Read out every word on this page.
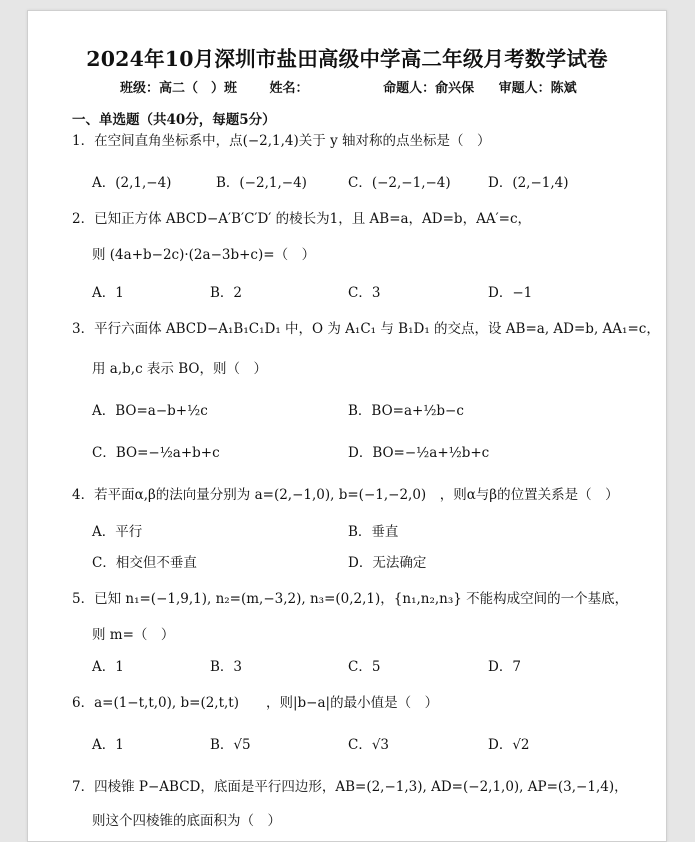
2024年10月深圳市盐田高级中学高二年级月考数学试卷
班级：高二（　）班	姓名：	命题人：俞兴保 审题人：陈斌
一、单选题（共40分，每题5分）
1．在空间直角坐标系中，点(−2,1,4)关于 y 轴对称的点坐标是（　）
A．(2,1,−4)	B．(−2,1,−4)	C．(−2,−1,−4)	D．(2,−1,4)
2．已知正方体 ABCD−A′B′C′D′ 的棱长为1，且 AB=a，AD=b，AA′=c，
则 (4a+b−2c)·(2a−3b+c)=（　）
A．1	B．2	C．3	D．−1
3．平行六面体 ABCD−A₁B₁C₁D₁ 中，O 为 A₁C₁ 与 B₁D₁ 的交点，设 AB=a, AD=b, AA₁=c，
用 a,b,c 表示 BO，则（　）
A．BO=a−b+½c	B．BO=a+½b−c
C．BO=−½a+b+c	D．BO=−½a+½b+c
4．若平面α,β的法向量分别为 a=(2,−1,0), b=(−1,−2,0)　，则α与β的位置关系是（　）
A．平行	B．垂直
C．相交但不垂直	D．无法确定
5．已知 n₁=(−1,9,1), n₂=(m,−3,2), n₃=(0,2,1)，{n₁,n₂,n₃} 不能构成空间的一个基底，
则 m=（　）
A．1	B．3	C．5	D．7
6．a=(1−t,t,0), b=(2,t,t)　　，则|b−a|的最小值是（　）
A．1	B．√5	C．√3	D．√2
7．四棱锥 P−ABCD，底面是平行四边形，AB=(2,−1,3), AD=(−2,1,0), AP=(3,−1,4)，
则这个四棱锥的底面积为（　）
